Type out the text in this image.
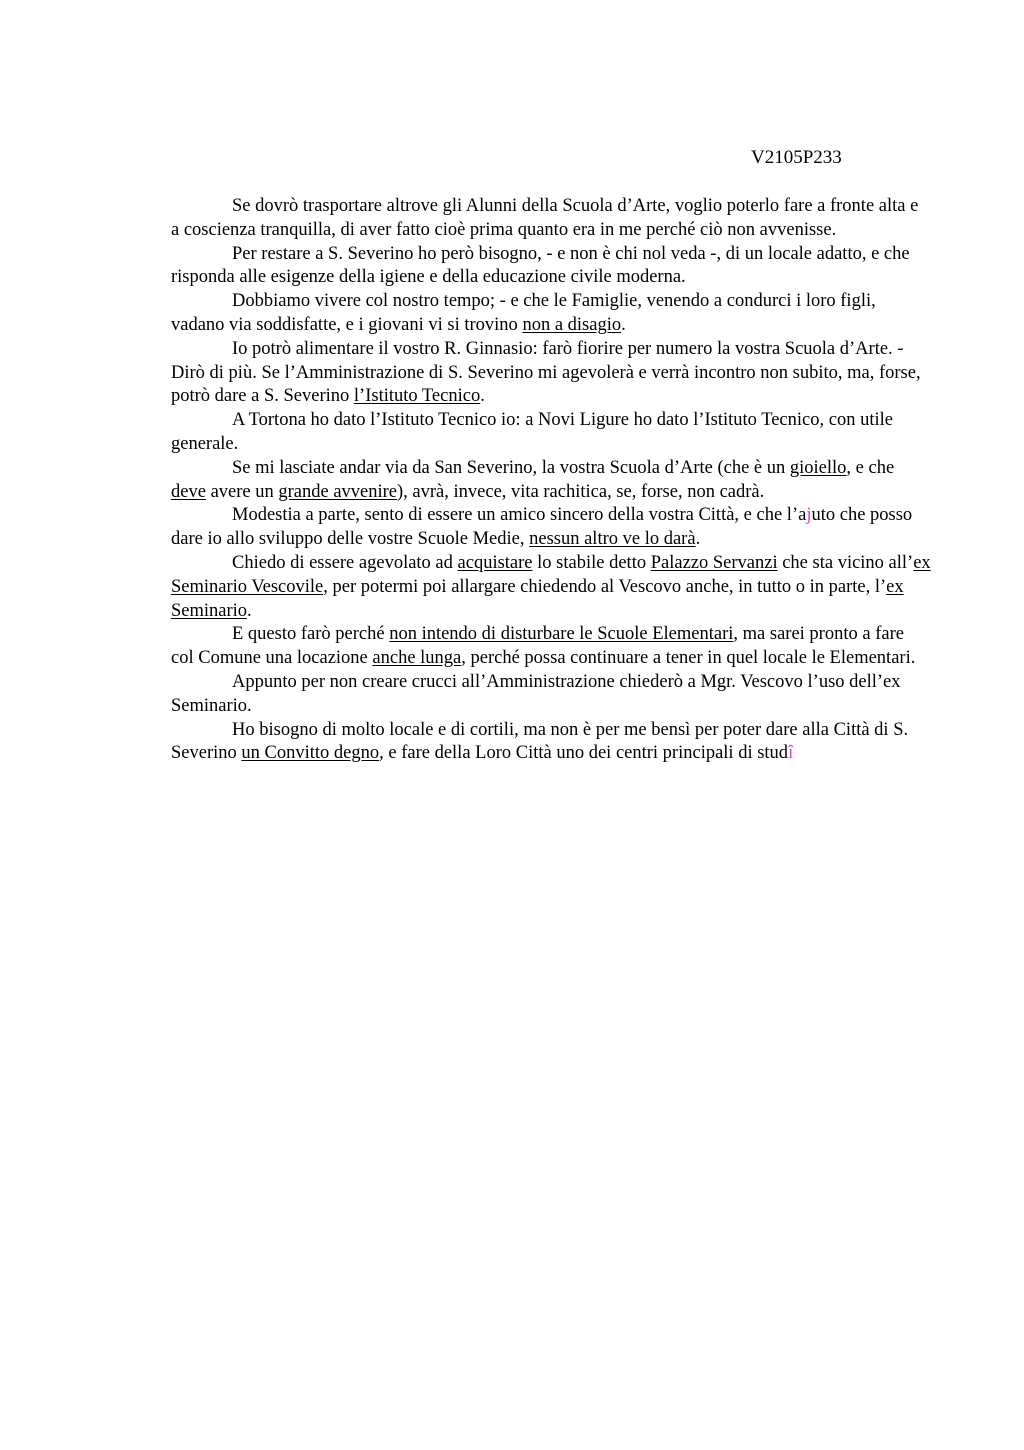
V2105P233

Se dovrò trasportare altrove gli Alunni della Scuola d’Arte, voglio poterlo fare a fronte alta e a coscienza tranquilla, di aver fatto cioè prima quanto era in me perché ciò non avvenisse.

Per restare a S. Severino ho però bisogno, - e non è chi nol veda -, di un locale adatto, e che risponda alle esigenze della igiene e della educazione civile moderna.

Dobbiamo vivere col nostro tempo; - e che le Famiglie, venendo a condurci i loro figli, vadano via soddisfatte, e i giovani vi si trovino non a disagio.

Io potrò alimentare il vostro R. Ginnasio: farò fiorire per numero la vostra Scuola d’Arte. - Dirò di più. Se l’Amministrazione di S. Severino mi agevolerà e verrà incontro non subito, ma, forse, potrò dare a S. Severino l’Istituto Tecnico.

A Tortona ho dato l’Istituto Tecnico io: a Novi Ligure ho dato l’Istituto Tecnico, con utile generale.

Se mi lasciate andar via da San Severino, la vostra Scuola d’Arte (che è un gioiello, e che deve avere un grande avvenire), avrà, invece, vita rachitica, se, forse, non cadrà.

Modestia a parte, sento di essere un amico sincero della vostra Città, e che l’ajuto che posso dare io allo sviluppo delle vostre Scuole Medie, nessun altro ve lo darà.

Chiedo di essere agevolato ad acquistare lo stabile detto Palazzo Servanzi che sta vicino all’ex Seminario Vescovile, per potermi poi allargare chiedendo al Vescovo anche, in tutto o in parte, l’ex Seminario.

E questo farò perché non intendo di disturbare le Scuole Elementari, ma sarei pronto a fare col Comune una locazione anche lunga, perché possa continuare a tener in quel locale le Elementari.

Appunto per non creare crucci all’Amministrazione chiederò a Mgr. Vescovo l’uso dell’ex Seminario.

Ho bisogno di molto locale e di cortili, ma non è per me bensì per poter dare alla Città di S. Severino un Convitto degno, e fare della Loro Città uno dei centri principali di studî
